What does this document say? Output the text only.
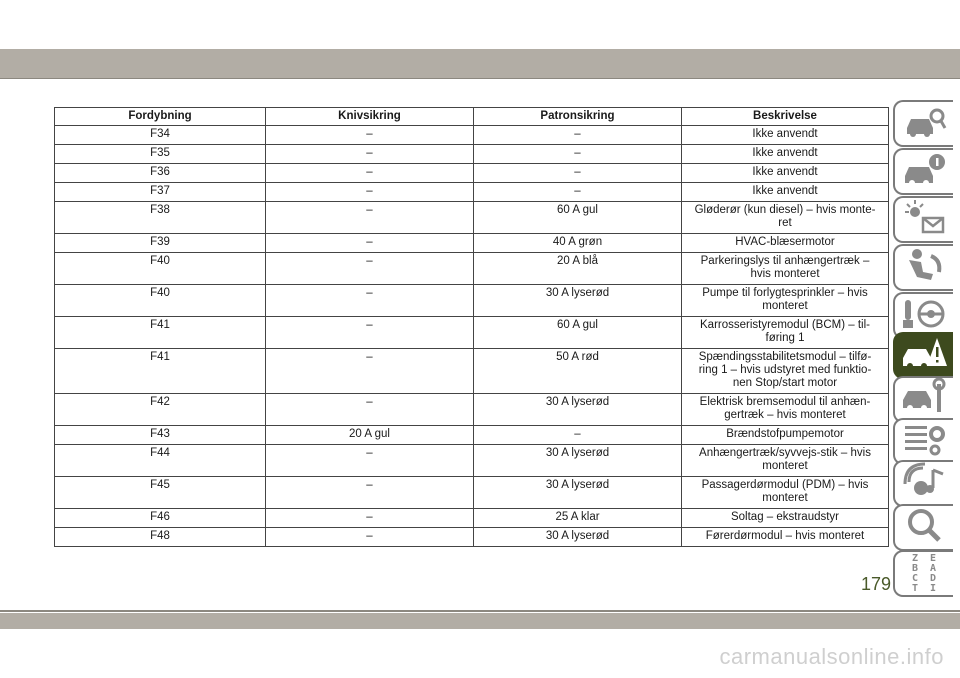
Fordybning	Knivsikring	Patronsikring	Beskrivelse
F34	–	–	Ikke anvendt
F35	–	–	Ikke anvendt
F36	–	–	Ikke anvendt
F37	–	–	Ikke anvendt
F38	–	60 A gul	Gløderør (kun diesel) – hvis monte-
ret
F39	–	40 A grøn	HVAC-blæsermotor
F40	–	20 A blå	Parkeringslys til anhængertræk –
hvis monteret
F40	–	30 A lyserød	Pumpe til forlygtesprinkler – hvis
monteret
F41	–	60 A gul	Karrosseristyremodul (BCM) – til-
føring 1
F41	–	50 A rød	Spændingsstabilitetsmodul – tilfø-
ring 1 – hvis udstyret med funktio-
nen Stop/start motor
F42	–	30 A lyserød	Elektrisk bremsemodul til anhæn-
gertræk – hvis monteret
F43	20 A gul	–	Brændstofpumpemotor
F44	–	30 A lyserød	Anhængertræk/syvvejs-stik – hvis
monteret
F45	–	30 A lyserød	Passagerdørmodul (PDM) – hvis
monteret
F46	–	25 A klar	Soltag – ekstraudstyr
F48	–	30 A lyserød	Førerdørmodul – hvis monteret
Z E B A C D T I
179
carmanualsonline.info
